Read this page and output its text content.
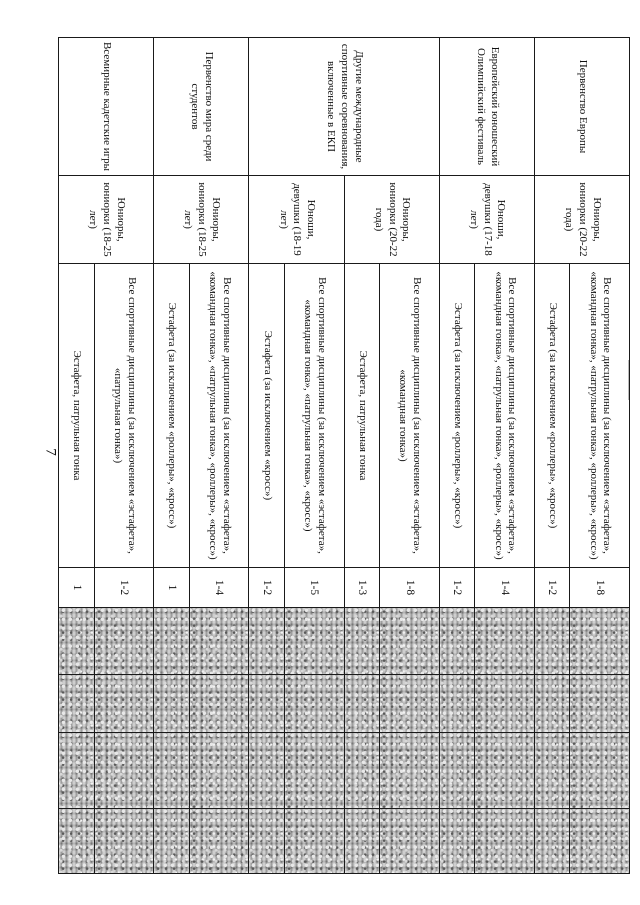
7
Первенство Европы	Юниоры, юниорки (20-22 года)	Все спортивные дисциплины (за исключением «эстафета», «командная гонка», «патрульная гонка», «роллеры», «кросс»)	1-8				
		Эстафета (за исключением «роллеры», «кросс»)	1-2				
Европейский юношеский Олимпийский фестиваль	Юноши, девушки (17-18 лет)	Все спортивные дисциплины (за исключением «эстафета», «командная гонка», «патрульная гонка», «роллеры», «кросс»)	1-4				
		Эстафета (за исключением «роллеры», «кросс»)	1-2				
Другие международные спортивные соревнования, включенные в ЕКП	Юниоры, юниорки (20-22 года)	Все спортивные дисциплины (за исключением «эстафета», «командная гонка»)	1-8				
		Эстафета, патрульная гонка	1-3				
	Юноши, девушки (18-19 лет)	Все спортивные дисциплины (за исключением «эстафета», «командная гонка», «патрульная гонка», «кросс»)	1-5				
		Эстафета (за исключением «кросс»)	1-2				
Первенство мира среди студентов	Юниоры, юниорки (18-25 лет)	Все спортивные дисциплины (за исключением «эстафета», «командная гонка», «патрульная гонка», «роллеры», «кросс»)	1-4				
		Эстафета (за исключением «роллеры», «кросс»)	1				
Всемирные кадетские игры	Юниоры, юниорки (18-25 лет)	Все спортивные дисциплины (за исключением «эстафета», «патрульная гонка»)	1-2				
		Эстафета, патрульная гонка	1				
